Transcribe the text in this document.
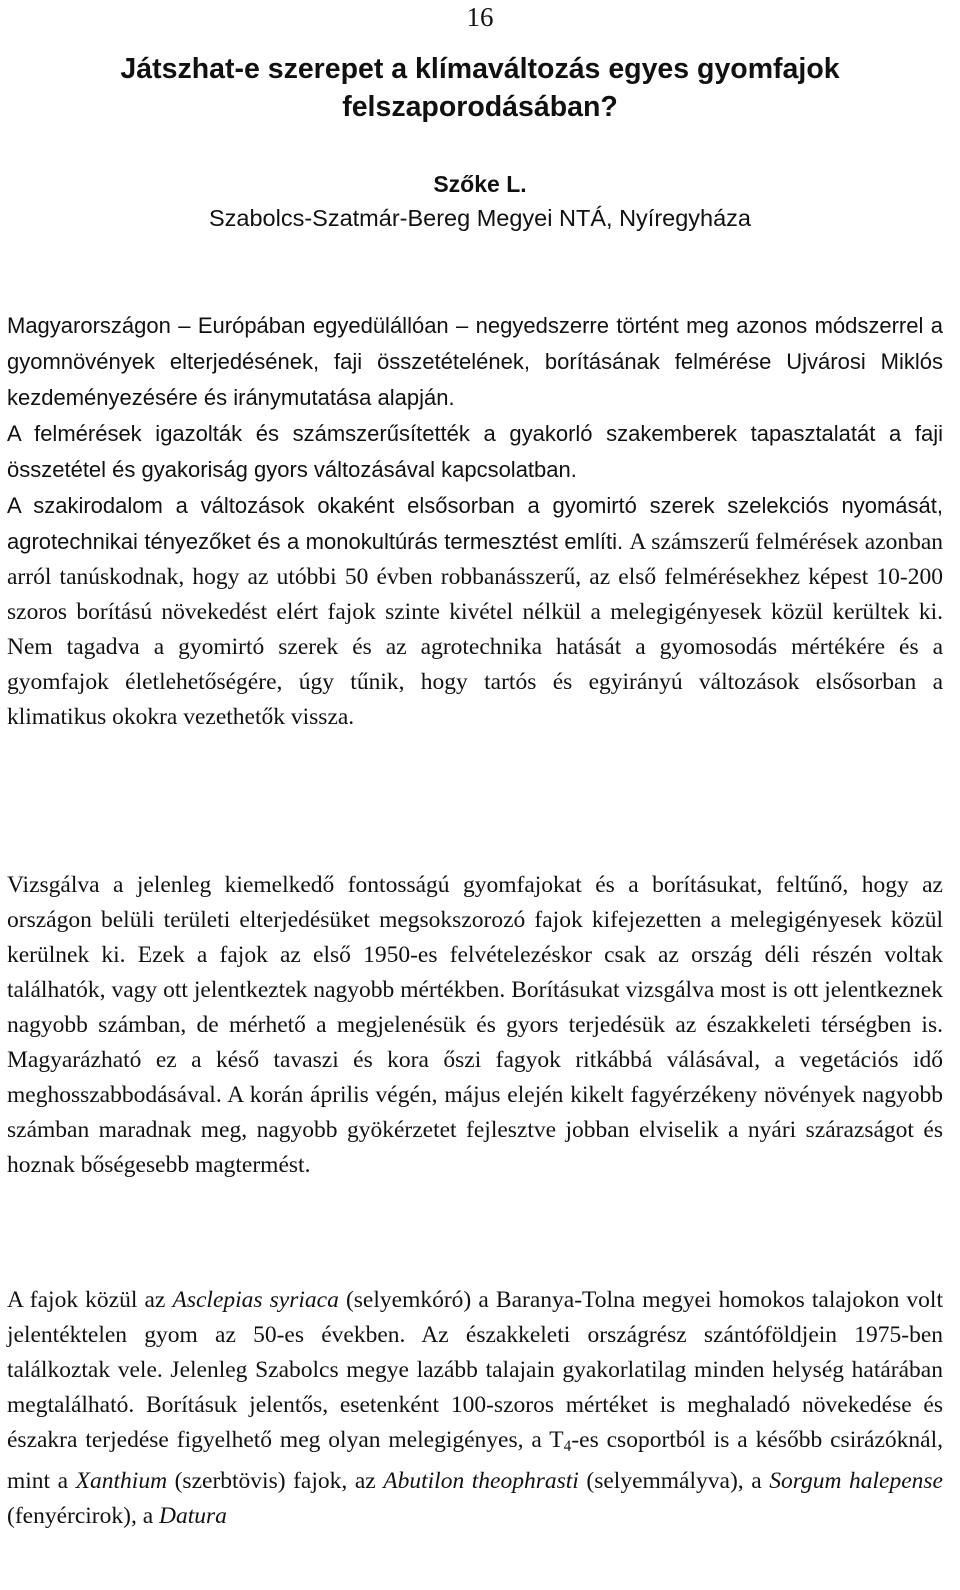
16
Játszhat-e szerepet a klímaváltozás egyes gyomfajok felszaporodásában?
Szőke L.
Szabolcs-Szatmár-Bereg Megyei NTÁ, Nyíregyháza

Magyarországon – Európában egyedülállóan – negyedszerre történt meg azonos módszerrel a gyomnövények elterjedésének, faji összetételének, borításának felmérése Ujvárosi Miklós kezdeményezésére és iránymutatása alapján.
A felmérések igazolták és számszerűsítették a gyakorló szakemberek tapasztalatát a faji összetétel és gyakoriság gyors változásával kapcsolatban.
A szakirodalom a változások okaként elsősorban a gyomirtó szerek szelekciós nyomását, agrotechnikai tényezőket és a monokultúrás termesztést említi. A számszerű felmérések azonban arról tanúskodnak, hogy az utóbbi 50 évben robbanásszerű, az első felmérésekhez képest 10-200 szoros borítású növekedést elért fajok szinte kivétel nélkül a melegigényesek közül kerültek ki. Nem tagadva a gyomirtó szerek és az agrotechnika hatását a gyomosodás mértékére és a gyomfajok életlehetőségére, úgy tűnik, hogy tartós és egyirányú változások elsősorban a klimatikus okokra vezethetők vissza.

Vizsgálva a jelenleg kiemelkedő fontosságú gyomfajokat és a borításukat, feltűnő, hogy az országon belüli területi elterjedésüket megsokszorozó fajok kifejezetten a melegigényesek közül kerülnek ki. Ezek a fajok az első 1950-es felvételezéskor csak az ország déli részén voltak találhatók, vagy ott jelentkeztek nagyobb mértékben. Borításukat vizsgálva most is ott jelentkeznek nagyobb számban, de mérhető a megjelenésük és gyors terjedésük az északkeleti térségben is. Magyarázható ez a késő tavaszi és kora őszi fagyok ritkábbá válásával, a vegetációs idő meghosszabbodásával. A korán április végén, május elején kikelt fagyérzékeny növények nagyobb számban maradnak meg, nagyobb gyökérzetet fejlesztve jobban elviselik a nyári szárazságot és hoznak bőségesebb magtermést.

A fajok közül az Asclepias syriaca (selyemkóró) a Baranya-Tolna megyei homokos talajokon volt jelentéktelen gyom az 50-es években. Az északkeleti országrész szántóföldjein 1975-ben találkoztak vele. Jelenleg Szabolcs megye lazább talajain gyakorlatilag minden helység határában megtalálható. Borításuk jelentős, esetenként 100-szoros mértéket is meghaladó növekedése és északra terjedése figyelhető meg olyan melegigényes, a $T_4-es$ csoportból is a később csirázóknál, mint a Xanthium (szerbtövis) fajok, az Abutilon theophrasti (selyemmályva), a Sorgum halepense (fenyércirok), a Datura
